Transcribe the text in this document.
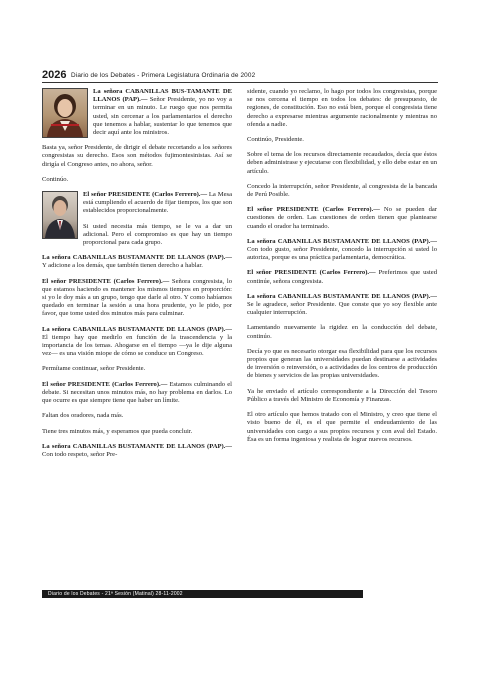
2026 Diario de los Debates - Primera Legislatura Ordinaria de 2002

La señora CABANILLAS BUS-TAMANTE DE LLANOS (PAP).— Señor Presidente, yo no voy a terminar en un minuto. Le ruego que nos permita usted, sin cercenar a los parlamentarios el derecho que tenemos a hablar, sustentar lo que tenemos que decir aquí ante los ministros.

Basta ya, señor Presidente, de dirigir el debate recortando a los señores congresistas su derecho. Esos son métodos fujimontesinistas. Así se dirigía el Congreso antes, no ahora, señor.

Continúo.

El señor PRESIDENTE (Carlos Ferrero).— La Mesa está cumpliendo el acuerdo de fijar tiempos, los que son establecidos proporcionalmente.

Si usted necesita más tiempo, se le va a dar un adicional. Pero el compromiso es que hay un tiempo proporcional para cada grupo.

La señora CABANILLAS BUSTAMANTE DE LLANOS (PAP).— Y adicione a los demás, que también tienen derecho a hablar.

El señor PRESIDENTE (Carlos Ferrero).— Señora congresista, lo que estamos haciendo es mantener los mismos tiempos en proporción: si yo le doy más a un grupo, tengo que darle al otro. Y como habíamos quedado en terminar la sesión a una hora prudente, yo le pido, por favor, que tome usted dos minutos más para culminar.

La señora CABANILLAS BUSTAMANTE DE LLANOS (PAP).— El tiempo hay que medirlo en función de la trascendencia y la importancia de los temas. Ahogarse en el tiempo —ya le dije alguna vez— es una visión miope de cómo se conduce un Congreso.

Permítame continuar, señor Presidente.

El señor PRESIDENTE (Carlos Ferrero).— Estamos culminando el debate. Si necesitan unos minutos más, no hay problema en darlos. Lo que ocurre es que siempre tiene que haber un límite.

Faltan dos oradores, nada más.

Tiene tres minutos más, y esperamos que pueda concluir.

La señora CABANILLAS BUSTAMANTE DE LLANOS (PAP).— Con todo respeto, señor Pre-

sidente, cuando yo reclamo, lo hago por todos los congresistas, porque se nos cercena el tiempo en todos los debates: de presupuesto, de regiones, de constitución. Eso no está bien, porque el congresista tiene derecho a expresarse mientras argumente racionalmente y mientras no ofenda a nadie.

Continúo, Presidente.

Sobre el tema de los recursos directamente recaudados, decía que éstos deben administrase y ejecutarse con flexibilidad, y ello debe estar en un artículo.

Concedo la interrupción, señor Presidente, al congresista de la bancada de Perú Posible.

El señor PRESIDENTE (Carlos Ferrero).— No se pueden dar cuestiones de orden. Las cuestiones de orden tienen que plantearse cuando el orador ha terminado.

La señora CABANILLAS BUSTAMANTE DE LLANOS (PAP).— Con todo gusto, señor Presidente, concedo la interrupción si usted lo autoriza, porque es una práctica parlamentaria, democrática.

El señor PRESIDENTE (Carlos Ferrero).— Preferimos que usted continúe, señora congresista.

La señora CABANILLAS BUSTAMANTE DE LLANOS (PAP).— Se le agradece, señor Presidente. Que conste que yo soy flexible ante cualquier interrupción.

Lamentando nuevamente la rigidez en la conducción del debate, continúo.

Decía yo que es necesario otorgar esa flexibilidad para que los recursos propios que generan las universidades puedan destinarse a actividades de inversión o reinversión, o a actividades de los centros de producción de bienes y servicios de las propias universidades.

Ya he enviado el artículo correspondiente a la Dirección del Tesoro Público a través del Ministro de Economía y Finanzas.

El otro artículo que hemos tratado con el Ministro, y creo que tiene el visto bueno de él, es el que permite el endeudamiento de las universidades con cargo a sus propios recursos y con aval del Estado. Ésa es un forma ingeniosa y realista de lograr nuevos recursos.

Diario de los Debates - 21ª Sesión (Matinal) 28-11-2002
